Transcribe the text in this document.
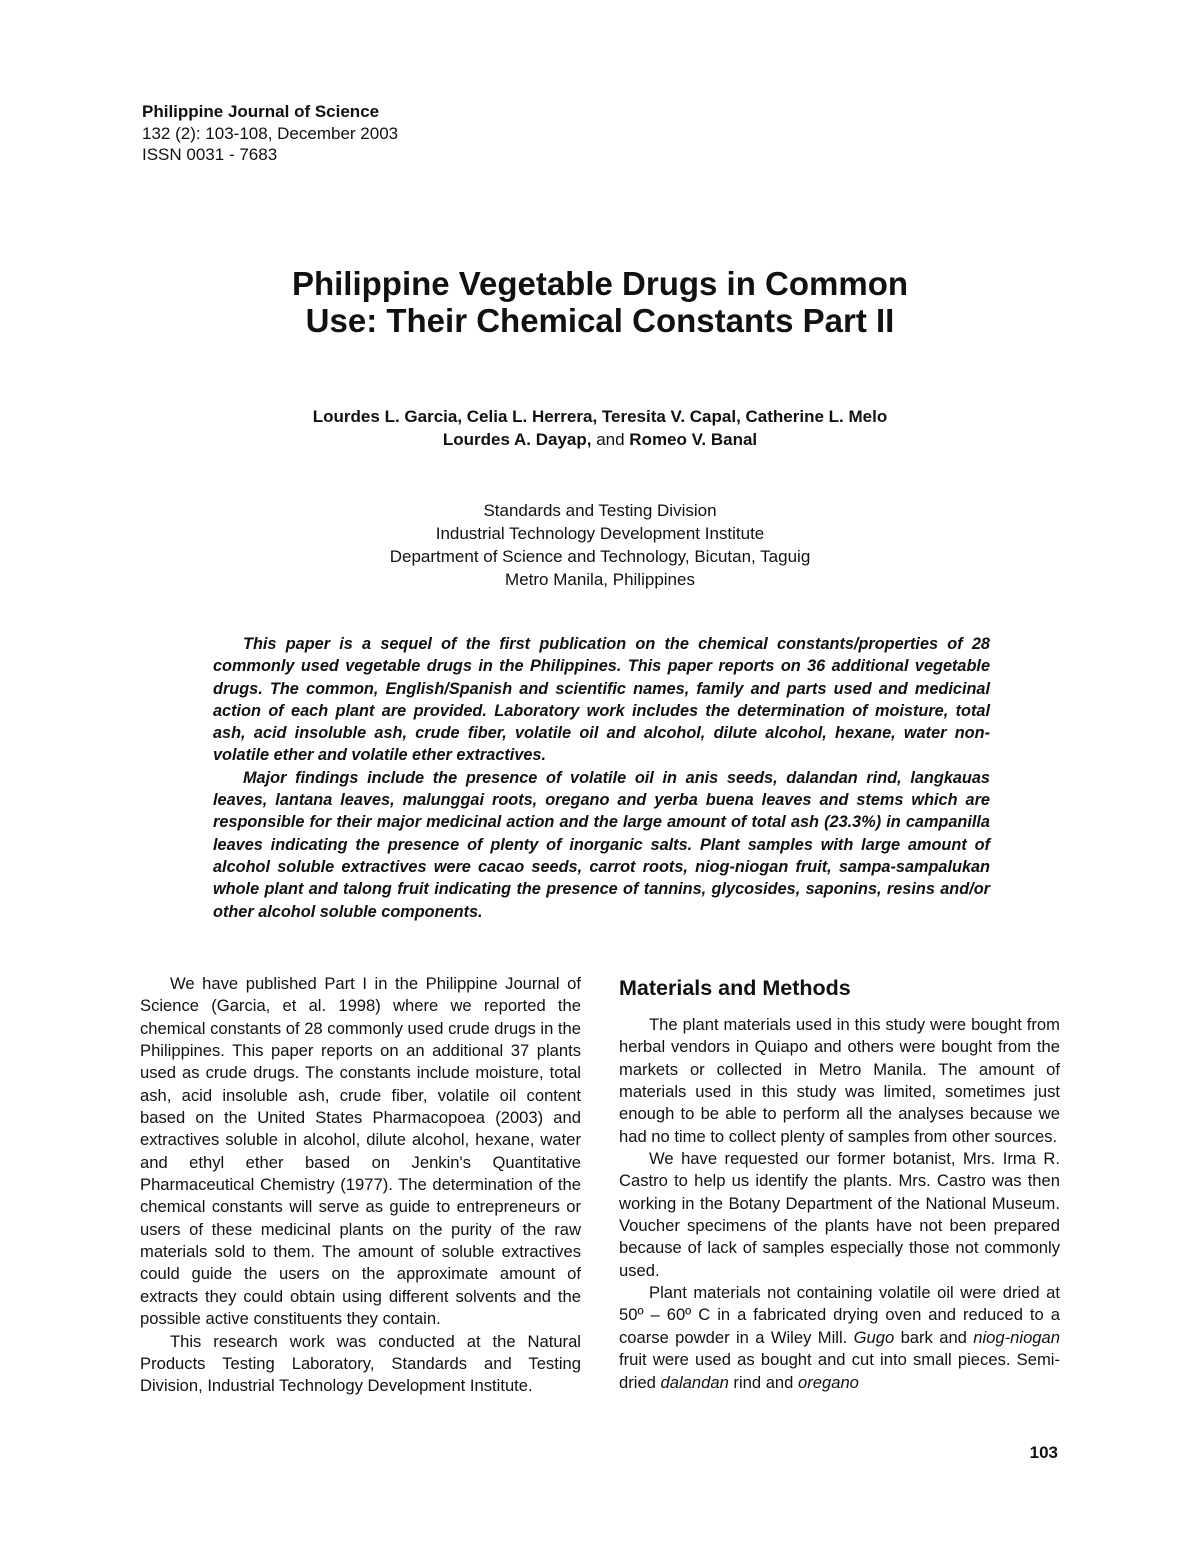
Philippine Journal of Science
132 (2): 103-108, December 2003
ISSN 0031 - 7683
Philippine Vegetable Drugs in Common
Use: Their Chemical Constants Part II
Lourdes L. Garcia, Celia L. Herrera, Teresita V. Capal, Catherine L. Melo
Lourdes A. Dayap, and Romeo V. Banal
Standards and Testing Division
Industrial Technology Development Institute
Department of Science and Technology, Bicutan, Taguig
Metro Manila, Philippines

This paper is a sequel of the first publication on the chemical constants/properties of 28 commonly used vegetable drugs in the Philippines. This paper reports on 36 additional vegetable drugs. The common, English/Spanish and scientific names, family and parts used and medicinal action of each plant are provided. Laboratory work includes the determination of moisture, total ash, acid insoluble ash, crude fiber, volatile oil and alcohol, dilute alcohol, hexane, water non-volatile ether and volatile ether extractives.

Major findings include the presence of volatile oil in anis seeds, dalandan rind, langkauas leaves, lantana leaves, malunggai roots, oregano and yerba buena leaves and stems which are responsible for their major medicinal action and the large amount of total ash (23.3%) in campanilla leaves indicating the presence of plenty of inorganic salts. Plant samples with large amount of alcohol soluble extractives were cacao seeds, carrot roots, niog-niogan fruit, sampa-sampalukan whole plant and talong fruit indicating the presence of tannins, glycosides, saponins, resins and/or other alcohol soluble components.

We have published Part I in the Philippine Journal of Science (Garcia, et al. 1998) where we reported the chemical constants of 28 commonly used crude drugs in the Philippines. This paper reports on an additional 37 plants used as crude drugs. The constants include moisture, total ash, acid insoluble ash, crude fiber, volatile oil content based on the United States Pharmacopoea (2003) and extractives soluble in alcohol, dilute alcohol, hexane, water and ethyl ether based on Jenkin's Quantitative Pharmaceutical Chemistry (1977). The determination of the chemical constants will serve as guide to entrepreneurs or users of these medicinal plants on the purity of the raw materials sold to them. The amount of soluble extractives could guide the users on the approximate amount of extracts they could obtain using different solvents and the possible active constituents they contain.

This research work was conducted at the Natural Products Testing Laboratory, Standards and Testing Division, Industrial Technology Development Institute.

Materials and Methods

The plant materials used in this study were bought from herbal vendors in Quiapo and others were bought from the markets or collected in Metro Manila. The amount of materials used in this study was limited, sometimes just enough to be able to perform all the analyses because we had no time to collect plenty of samples from other sources.

We have requested our former botanist, Mrs. Irma R. Castro to help us identify the plants. Mrs. Castro was then working in the Botany Department of the National Museum. Voucher specimens of the plants have not been prepared because of lack of samples especially those not commonly used.

Plant materials not containing volatile oil were dried at 50º – 60º C in a fabricated drying oven and reduced to a coarse powder in a Wiley Mill. Gugo bark and niog-niogan fruit were used as bought and cut into small pieces. Semi-dried dalandan rind and oregano

103
